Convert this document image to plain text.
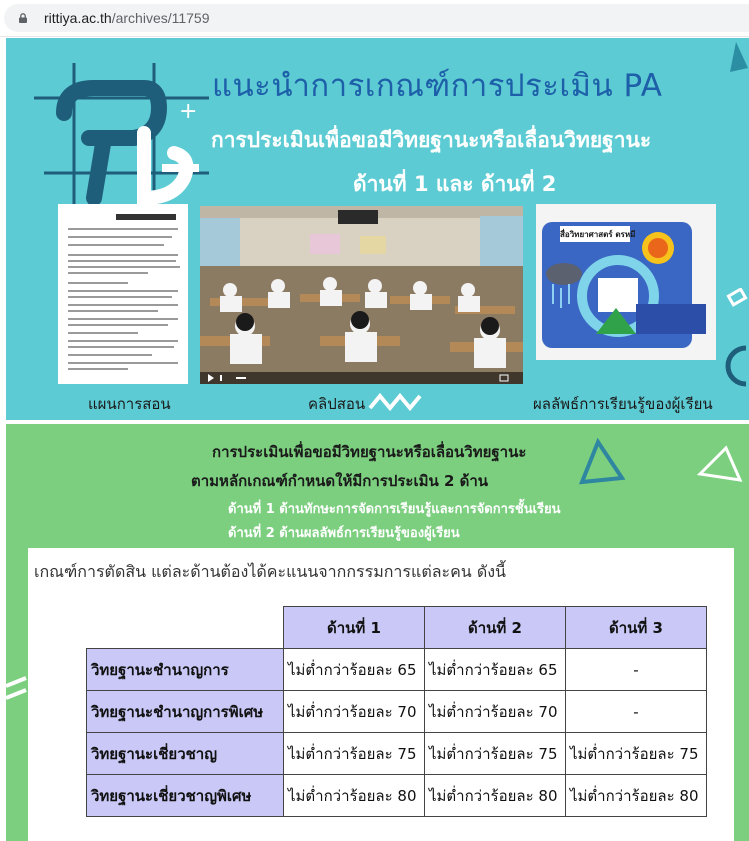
rittiya.ac.th/archives/11759
+
แนะนำการเกณฑ์การประเมิน PA
การประเมินเพื่อขอมีวิทยฐานะหรือเลื่อนวิทยฐานะ
ด้านที่ 1 และ ด้านที่ 2
แผนการสอน	คลิปสอน
สื่อวิทยาศาสตร์ ตรหมี
ผลลัพธ์การเรียนรู้ของผู้เรียน
การประเมินเพื่อขอมีวิทยฐานะหรือเลื่อนวิทยฐานะ
ตามหลักเกณฑ์กำหนดให้มีการประเมิน 2 ด้าน
ด้านที่ 1 ด้านทักษะการจัดการเรียนรู้และการจัดการชั้นเรียน
ด้านที่ 2 ด้านผลลัพธ์การเรียนรู้ของผู้เรียน
เกณฑ์การตัดสิน แต่ละด้านต้องได้คะแนนจากกรรมการแต่ละคน ดังนี้
	ด้านที่ 1	ด้านที่ 2	ด้านที่ 3
วิทยฐานะชำนาญการ	ไม่ต่ำกว่าร้อยละ 65	ไม่ต่ำกว่าร้อยละ 65	-
วิทยฐานะชำนาญการพิเศษ	ไม่ต่ำกว่าร้อยละ 70	ไม่ต่ำกว่าร้อยละ 70	-
วิทยฐานะเชี่ยวชาญ	ไม่ต่ำกว่าร้อยละ 75	ไม่ต่ำกว่าร้อยละ 75	ไม่ต่ำกว่าร้อยละ 75
วิทยฐานะเชี่ยวชาญพิเศษ	ไม่ต่ำกว่าร้อยละ 80	ไม่ต่ำกว่าร้อยละ 80	ไม่ต่ำกว่าร้อยละ 80
